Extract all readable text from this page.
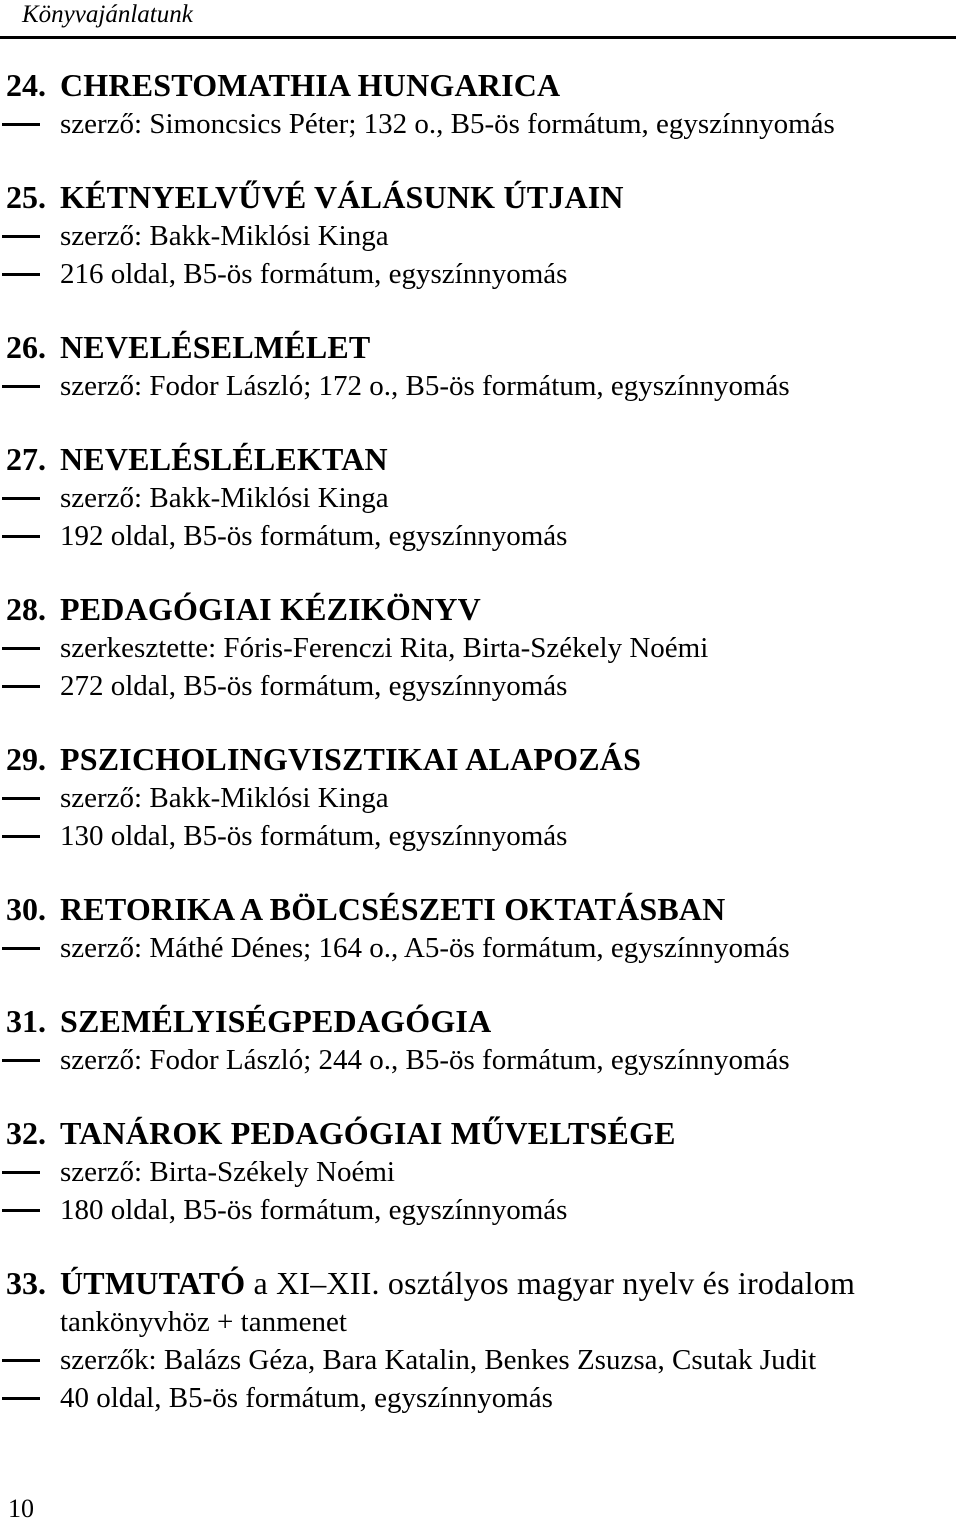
Könyvajánlatunk
24. CHRESTOMATHIA HUNGARICA
szerző: Simoncsics Péter; 132 o., B5-ös formátum, egyszínnyomás
25. KÉTNYELVŰVÉ VÁLÁSUNK ÚTJAIN
szerző: Bakk-Miklósi Kinga
216 oldal, B5-ös formátum, egyszínnyomás
26. NEVELÉSELMÉLET
szerző: Fodor László; 172 o., B5-ös formátum, egyszínnyomás
27. NEVELÉSLÉLEKTAN
szerző: Bakk-Miklósi Kinga
192 oldal, B5-ös formátum, egyszínnyomás
28. PEDAGÓGIAI KÉZIKÖNYV
szerkesztette: Fóris-Ferenczi Rita, Birta-Székely Noémi
272 oldal, B5-ös formátum, egyszínnyomás
29. PSZICHOLINGVISZTIKAI ALAPOZÁS
szerző: Bakk-Miklósi Kinga
130 oldal, B5-ös formátum, egyszínnyomás
30. RETORIKA A BÖLCSÉSZETI OKTATÁSBAN
szerző: Máthé Dénes; 164 o., A5-ös formátum, egyszínnyomás
31. SZEMÉLYISÉGPEDAGÓGIA
szerző: Fodor László; 244 o., B5-ös formátum, egyszínnyomás
32. TANÁROK PEDAGÓGIAI MŰVELTSÉGE
szerző: Birta-Székely Noémi
180 oldal, B5-ös formátum, egyszínnyomás
33. ÚTMUTATÓ a XI–XII. osztályos magyar nyelv és irodalom
tankönyvhöz + tanmenet
szerzők: Balázs Géza, Bara Katalin, Benkes Zsuzsa, Csutak Judit
40 oldal, B5-ös formátum, egyszínnyomás
10
